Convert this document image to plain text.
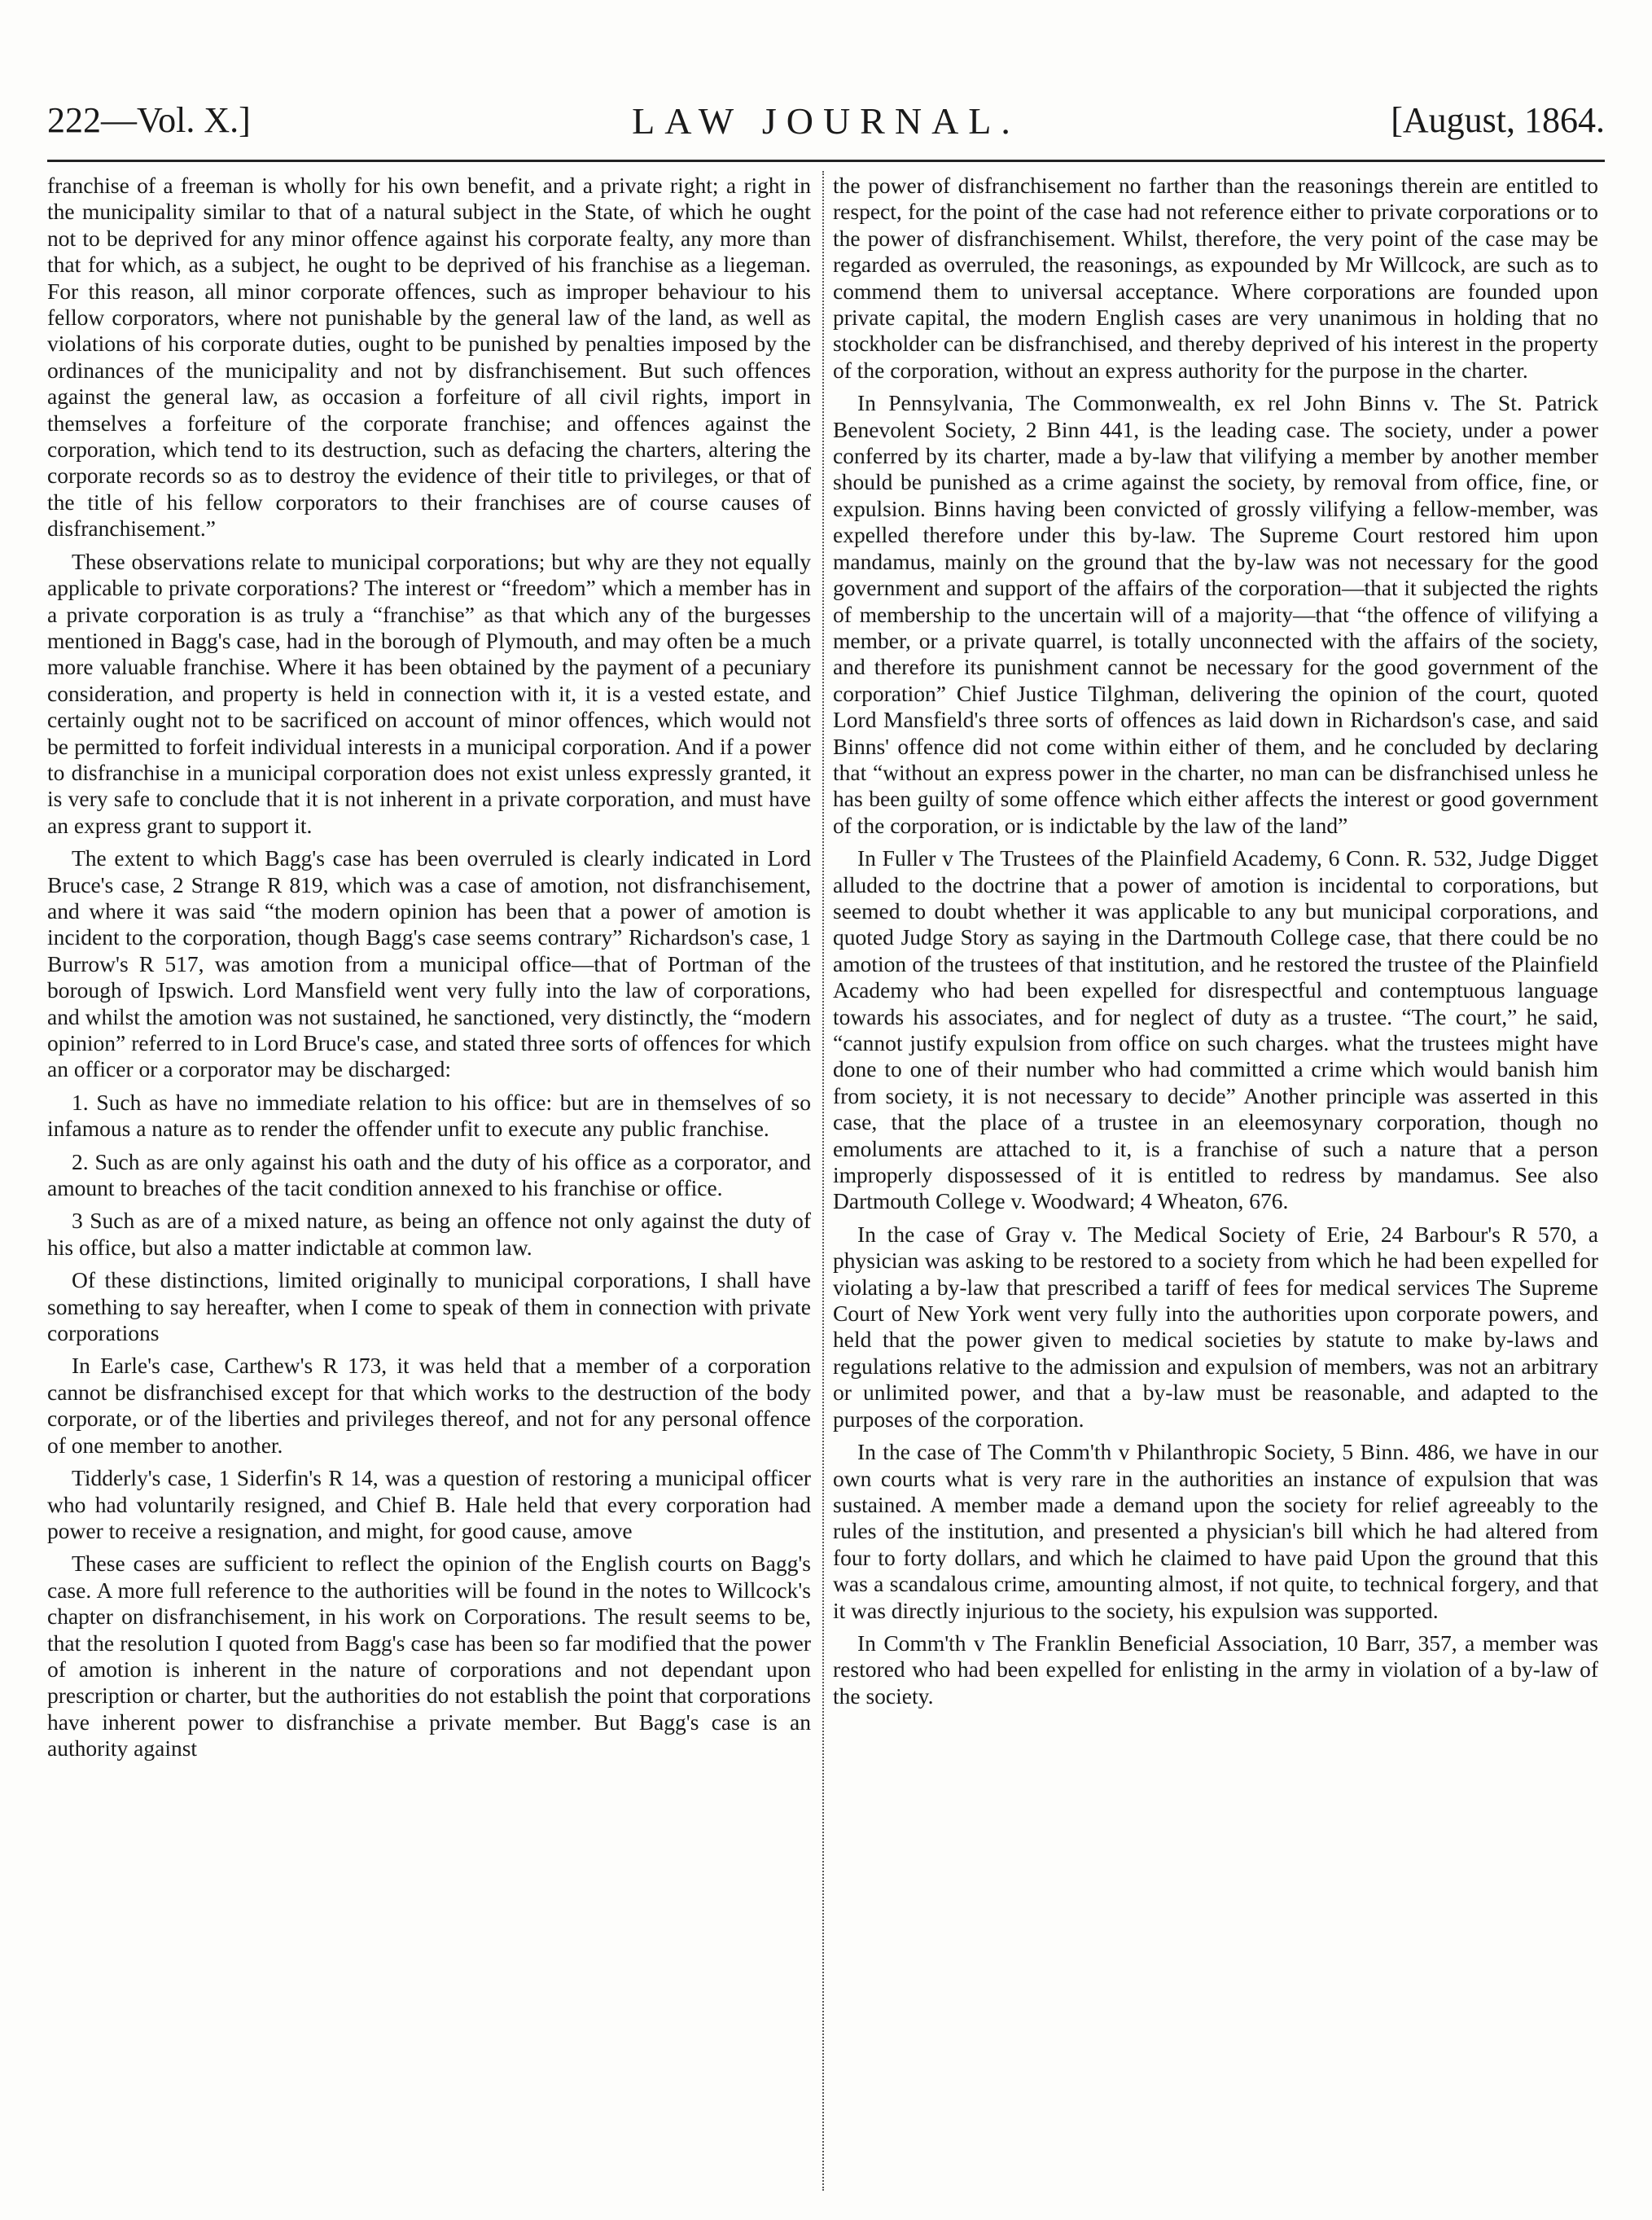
222—Vol. X.]	LAW JOURNAL.	[August, 1864.

franchise of a freeman is wholly for his own benefit, and a private right; a right in the municipality similar to that of a natural subject in the State, of which he ought not to be deprived for any minor offence against his corporate fealty, any more than that for which, as a subject, he ought to be deprived of his franchise as a liegeman. For this reason, all minor corporate offences, such as improper behaviour to his fellow corporators, where not punishable by the general law of the land, as well as violations of his corporate duties, ought to be punished by penalties imposed by the ordinances of the municipality and not by disfranchisement. But such offences against the general law, as occasion a forfeiture of all civil rights, import in themselves a forfeiture of the corporate franchise; and offences against the corporation, which tend to its destruction, such as defacing the charters, altering the corporate records so as to destroy the evidence of their title to privileges, or that of the title of his fellow corporators to their franchises are of course causes of disfranchisement.”

These observations relate to municipal corporations; but why are they not equally applicable to private corporations? The interest or “freedom” which a member has in a private corporation is as truly a “franchise” as that which any of the burgesses mentioned in Bagg's case, had in the borough of Plymouth, and may often be a much more valuable franchise. Where it has been obtained by the payment of a pecuniary consideration, and property is held in connection with it, it is a vested estate, and certainly ought not to be sacrificed on account of minor offences, which would not be permitted to forfeit individual interests in a municipal corporation. And if a power to disfranchise in a municipal corporation does not exist unless expressly granted, it is very safe to conclude that it is not inherent in a private corporation, and must have an express grant to support it.

The extent to which Bagg's case has been overruled is clearly indicated in Lord Bruce's case, 2 Strange R 819, which was a case of amotion, not disfranchisement, and where it was said “the modern opinion has been that a power of amotion is incident to the corporation, though Bagg's case seems contrary” Richardson's case, 1 Burrow's R 517, was amotion from a municipal office—that of Portman of the borough of Ipswich. Lord Mansfield went very fully into the law of corporations, and whilst the amotion was not sustained, he sanctioned, very distinctly, the “modern opinion” referred to in Lord Bruce's case, and stated three sorts of offences for which an officer or a corporator may be discharged:

1. Such as have no immediate relation to his office: but are in themselves of so infamous a nature as to render the offender unfit to execute any public franchise.

2. Such as are only against his oath and the duty of his office as a corporator, and amount to breaches of the tacit condition annexed to his franchise or office.

3 Such as are of a mixed nature, as being an offence not only against the duty of his office, but also a matter indictable at common law.

Of these distinctions, limited originally to municipal corporations, I shall have something to say hereafter, when I come to speak of them in connection with private corporations

In Earle's case, Carthew's R 173, it was held that a member of a corporation cannot be disfranchised except for that which works to the destruction of the body corporate, or of the liberties and privileges thereof, and not for any personal offence of one member to another.

Tidderly's case, 1 Siderfin's R 14, was a question of restoring a municipal officer who had voluntarily resigned, and Chief B. Hale held that every corporation had power to receive a resignation, and might, for good cause, amove

These cases are sufficient to reflect the opinion of the English courts on Bagg's case. A more full reference to the authorities will be found in the notes to Willcock's chapter on disfranchisement, in his work on Corporations. The result seems to be, that the resolution I quoted from Bagg's case has been so far modified that the power of amotion is inherent in the nature of corporations and not dependant upon prescription or charter, but the authorities do not establish the point that corporations have inherent power to disfranchise a private member. But Bagg's case is an authority against

the power of disfranchisement no farther than the reasonings therein are entitled to respect, for the point of the case had not reference either to private corporations or to the power of disfranchisement. Whilst, therefore, the very point of the case may be regarded as overruled, the reasonings, as expounded by Mr Willcock, are such as to commend them to universal acceptance. Where corporations are founded upon private capital, the modern English cases are very unanimous in holding that no stockholder can be disfranchised, and thereby deprived of his interest in the property of the corporation, without an express authority for the purpose in the charter.

In Pennsylvania, The Commonwealth, ex rel John Binns v. The St. Patrick Benevolent Society, 2 Binn 441, is the leading case. The society, under a power conferred by its charter, made a by-law that vilifying a member by another member should be punished as a crime against the society, by removal from office, fine, or expulsion. Binns having been convicted of grossly vilifying a fellow-member, was expelled therefore under this by-law. The Supreme Court restored him upon mandamus, mainly on the ground that the by-law was not necessary for the good government and support of the affairs of the corporation—that it subjected the rights of membership to the uncertain will of a majority—that “the offence of vilifying a member, or a private quarrel, is totally unconnected with the affairs of the society, and therefore its punishment cannot be necessary for the good government of the corporation” Chief Justice Tilghman, delivering the opinion of the court, quoted Lord Mansfield's three sorts of offences as laid down in Richardson's case, and said Binns' offence did not come within either of them, and he concluded by declaring that “without an express power in the charter, no man can be disfranchised unless he has been guilty of some offence which either affects the interest or good government of the corporation, or is indictable by the law of the land”

In Fuller v The Trustees of the Plainfield Academy, 6 Conn. R. 532, Judge Digget alluded to the doctrine that a power of amotion is incidental to corporations, but seemed to doubt whether it was applicable to any but municipal corporations, and quoted Judge Story as saying in the Dartmouth College case, that there could be no amotion of the trustees of that institution, and he restored the trustee of the Plainfield Academy who had been expelled for disrespectful and contemptuous language towards his associates, and for neglect of duty as a trustee. “The court,” he said, “cannot justify expulsion from office on such charges. what the trustees might have done to one of their number who had committed a crime which would banish him from society, it is not necessary to decide” Another principle was asserted in this case, that the place of a trustee in an eleemosynary corporation, though no emoluments are attached to it, is a franchise of such a nature that a person improperly dispossessed of it is entitled to redress by mandamus. See also Dartmouth College v. Woodward; 4 Wheaton, 676.

In the case of Gray v. The Medical Society of Erie, 24 Barbour's R 570, a physician was asking to be restored to a society from which he had been expelled for violating a by-law that prescribed a tariff of fees for medical services The Supreme Court of New York went very fully into the authorities upon corporate powers, and held that the power given to medical societies by statute to make by-laws and regulations relative to the admission and expulsion of members, was not an arbitrary or unlimited power, and that a by-law must be reasonable, and adapted to the purposes of the corporation.

In the case of The Comm'th v Philanthropic Society, 5 Binn. 486, we have in our own courts what is very rare in the authorities an instance of expulsion that was sustained. A member made a demand upon the society for relief agreeably to the rules of the institution, and presented a physician's bill which he had altered from four to forty dollars, and which he claimed to have paid Upon the ground that this was a scandalous crime, amounting almost, if not quite, to technical forgery, and that it was directly injurious to the society, his expulsion was supported.

In Comm'th v The Franklin Beneficial Association, 10 Barr, 357, a member was restored who had been expelled for enlisting in the army in violation of a by-law of the society.
